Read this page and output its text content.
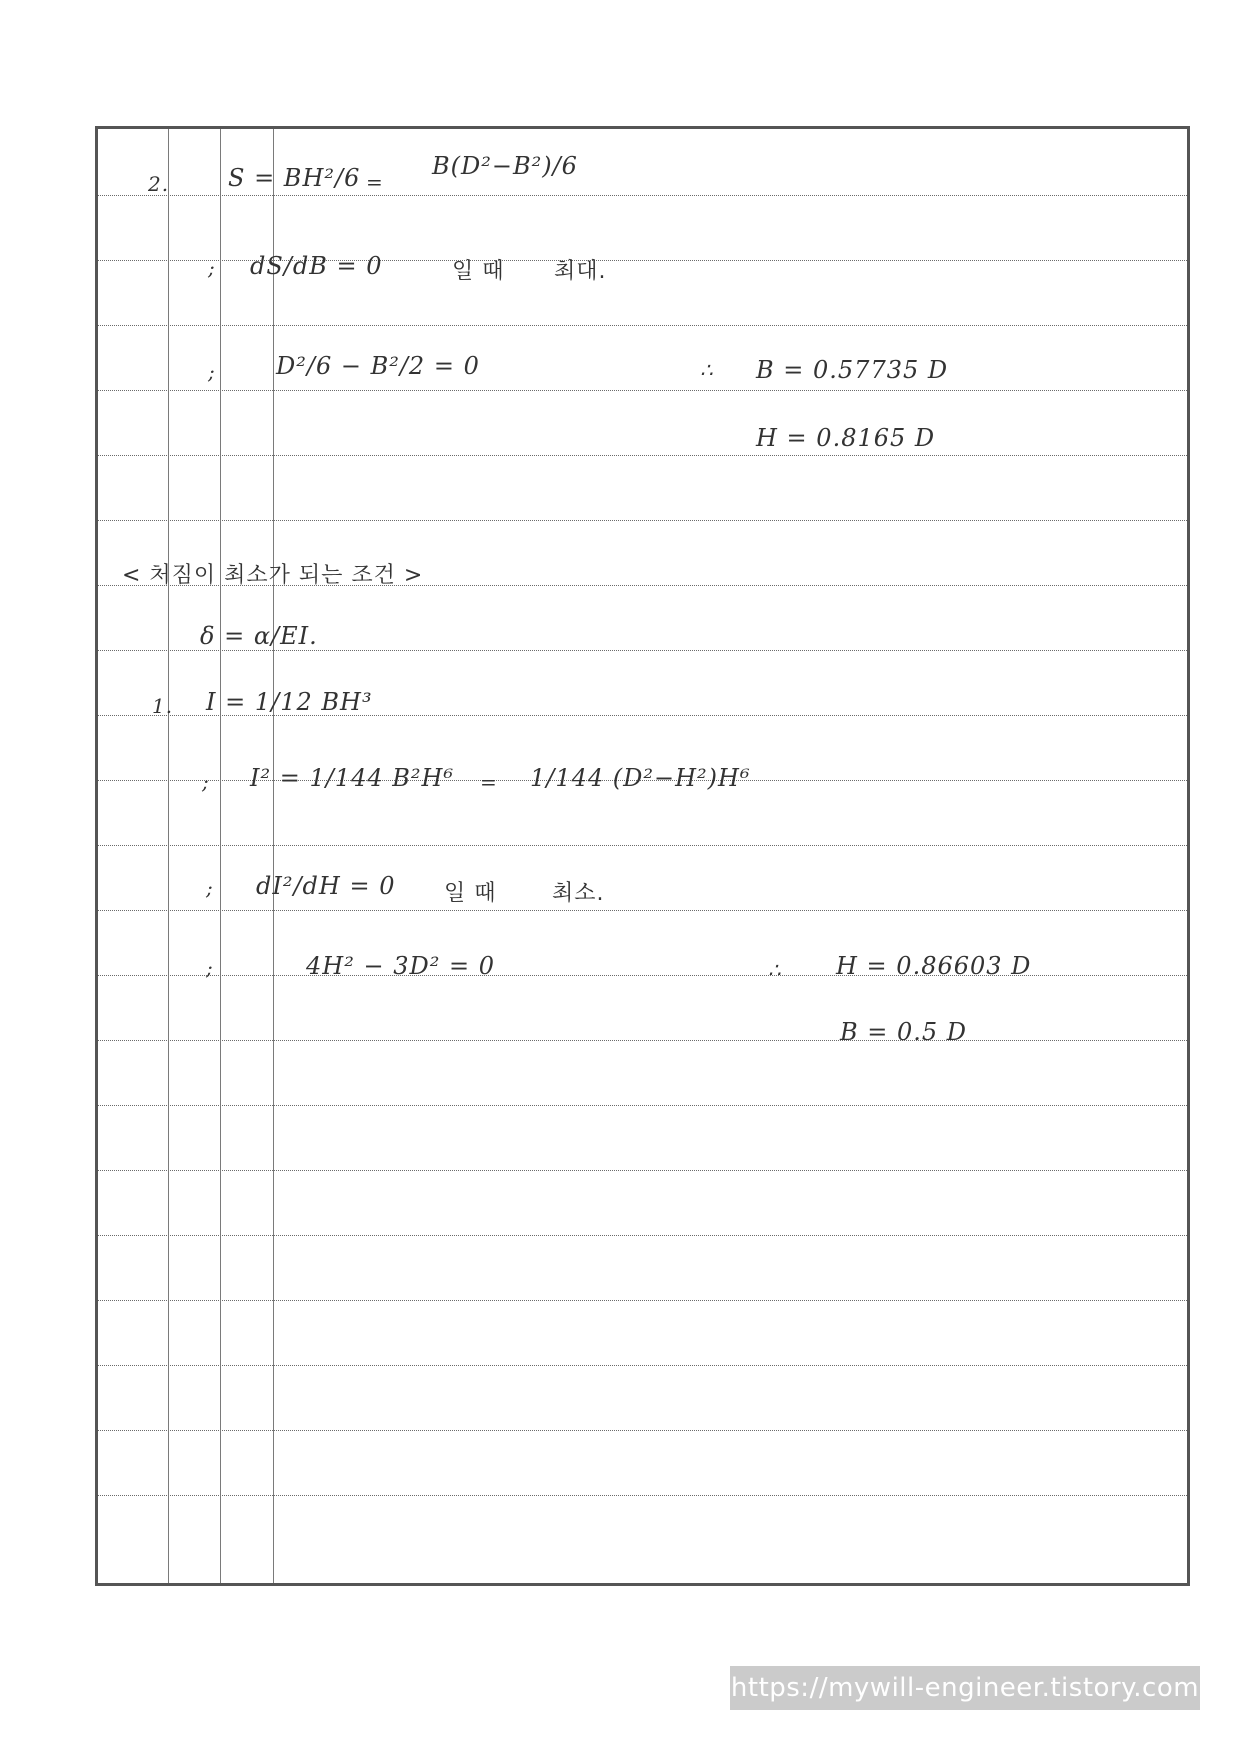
2. S = BH²/6 =
B(D²−B²)/6
; dS/dB = 0	일 때 최대.
;	D²/6 − B²/2 = 0	∴ B = 0.57735 D
H = 0.8165 D
< 처짐이 최소가 되는 조건 >
δ = α/EI.
1. I = 1/12 BH³
; I² = 1/144 B²H⁶ = 1/144 (D²−H²)H⁶
; dI²/dH = 0 일 때	최소.
;	4H² − 3D² = 0	∴ H = 0.86603 D
B = 0.5 D
https://mywill-engineer.tistory.com
